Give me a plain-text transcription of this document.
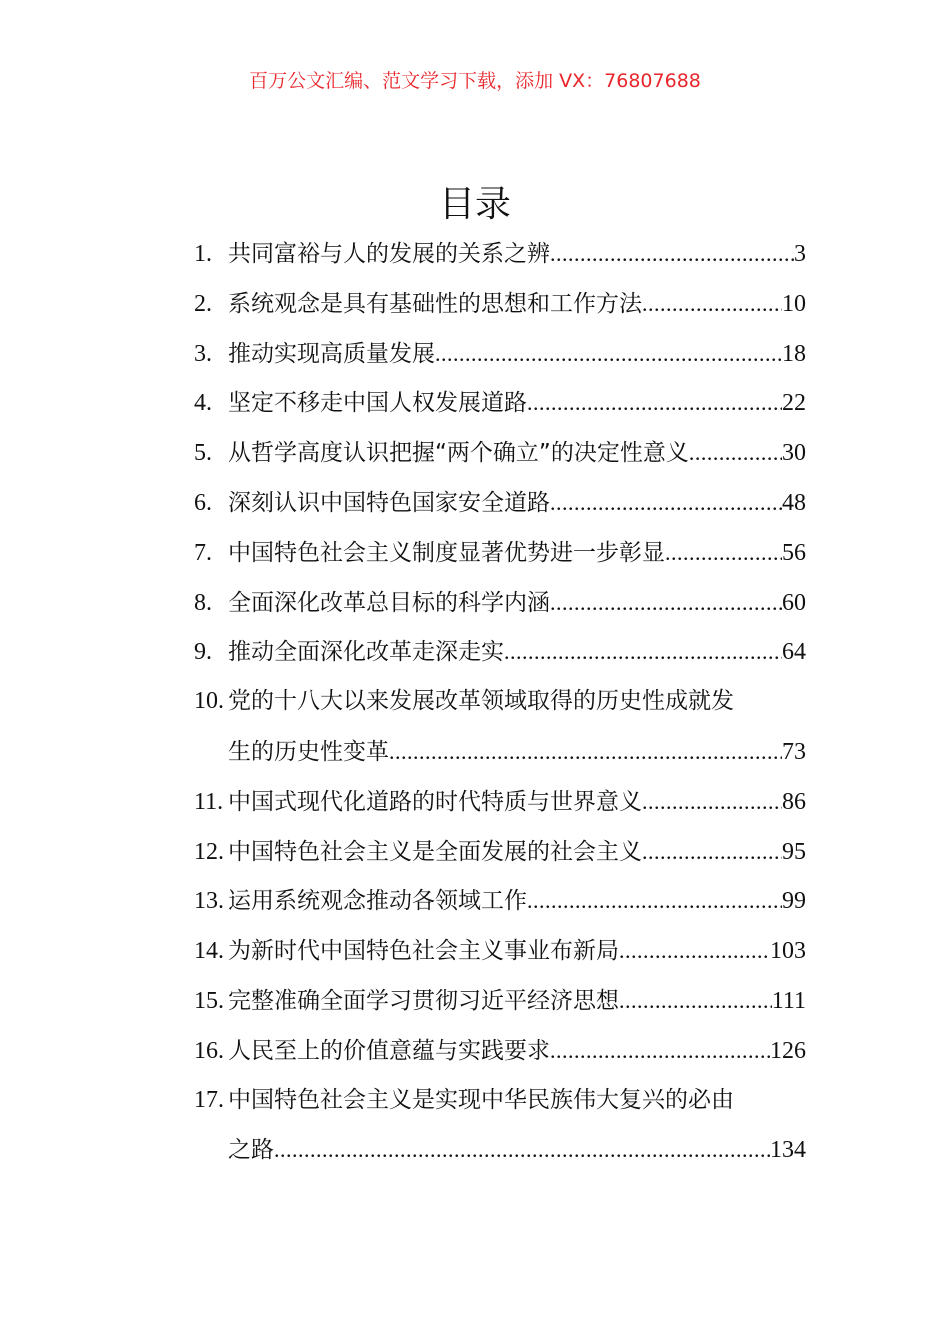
百万公文汇编、范文学习下载，添加 VX：76807688
目录
1. 共同富裕与人的发展的关系之辨 .....	3
2. 系统观念是具有基础性的思想和工作方法 .....	10
3. 推动实现高质量发展 .....	18
4. 坚定不移走中国人权发展道路 .....	22
5. 从哲学高度认识把握“两个确立”的决定性意义 .....	30
6. 深刻认识中国特色国家安全道路 .....	48
7. 中国特色社会主义制度显著优势进一步彰显 .....	56
8. 全面深化改革总目标的科学内涵 .....	60
9. 推动全面深化改革走深走实 .....	64
10. 党的十八大以来发展改革领域取得的历史性成就发
生的历史性变革 .....	73
11. 中国式现代化道路的时代特质与世界意义 .....	86
12. 中国特色社会主义是全面发展的社会主义 .....	95
13. 运用系统观念推动各领域工作 .....	99
14. 为新时代中国特色社会主义事业布新局 .....	103
15. 完整准确全面学习贯彻习近平经济思想 .....	111
16. 人民至上的价值意蕴与实践要求 .....	126
17. 中国特色社会主义是实现中华民族伟大复兴的必由
之路 .....	134
